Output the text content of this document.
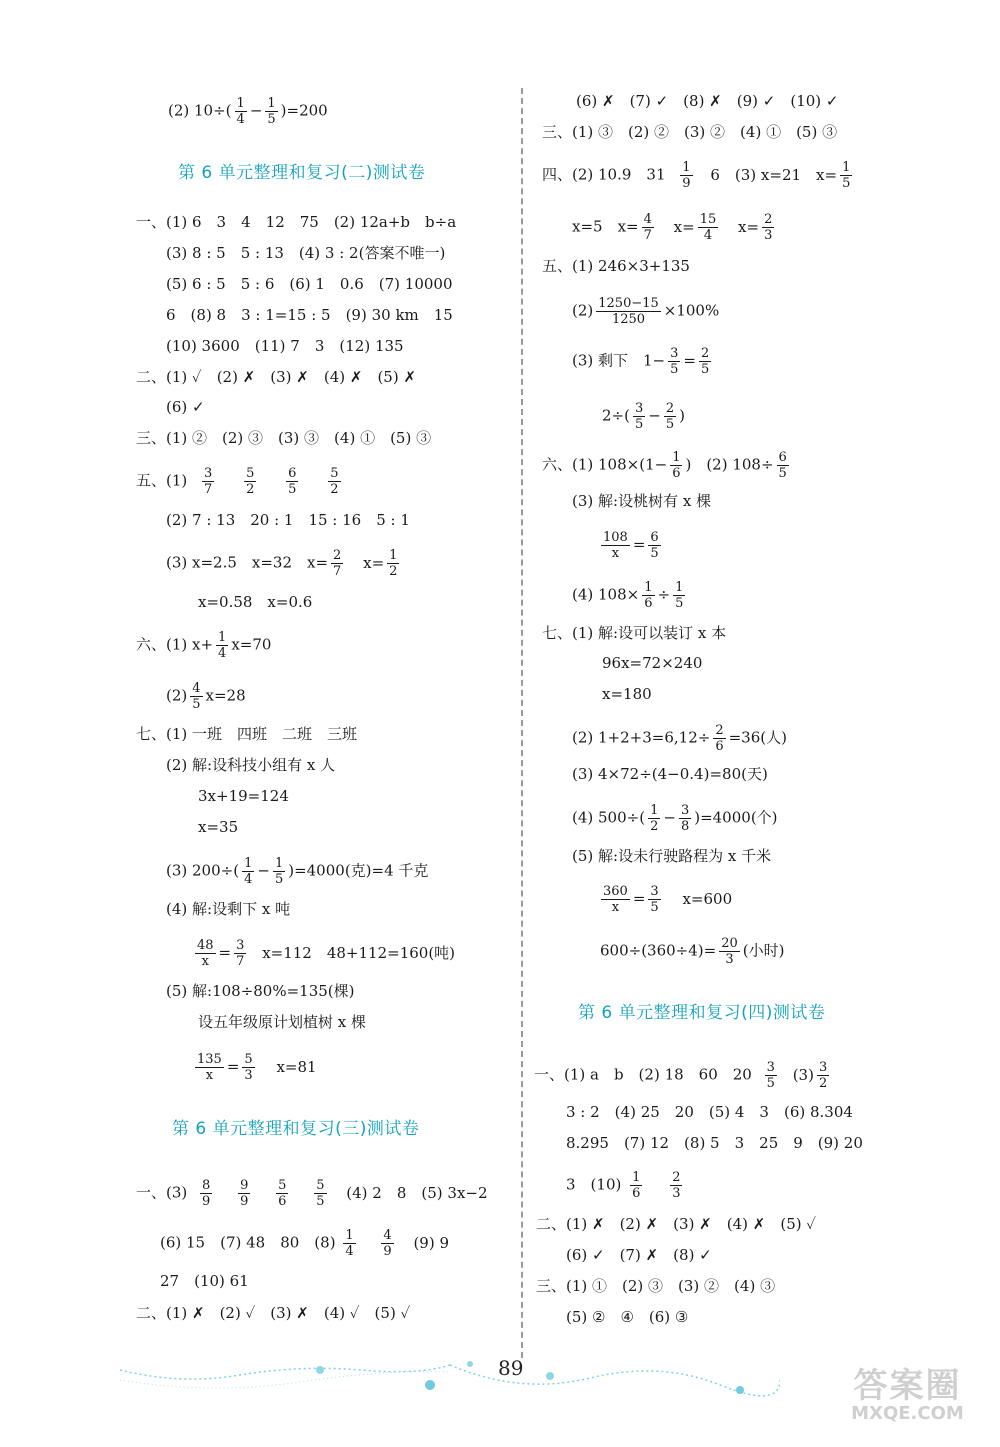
(2) $10\div( \frac{1}{4} - \frac{1}{5} )=200$
第 6 单元整理和复习(二)测试卷
一、(1) 6　3　4　12　75　(2) 12a+b　b÷a
(3) 8 : 5　5 : 13　(4) 3 : 2(答案不唯一)
(5) 6 : 5　5 : 6　(6) 1　0.6　(7) 10000
6　(8) 8　3 : 1=15 : 5　(9) 30 km　15
(10) 3600　(11) 7　3　(12) 135
二、(1) ✓　(2) ✗　(3) ✗　(4) ✗　(5) ✗
(6) ✓
三、(1) ②　(2) ③　(3) ③　(4) ①　(5) ③
五、$(1) \frac{3}{7}$
$\frac{5}{2}$
$\frac{6}{5}$
$\frac{5}{2}$
(2) 7 : 13　20 : 1　15 : 16　5 : 1
(3) x=2.5　x=32　$x= \frac{2}{7} x= \frac{1}{2}$
x=0.58　x=0.6
六、(1) $x+ \frac{1}{4} x=70$
$(2) \frac{4}{5} x=28$
七、(1) 一班　四班　二班　三班
(2) 解:设科技小组有 x 人
3x+19=124
x=35
(3) $200\div( \frac{1}{4} - \frac{1}{5} )=4000$(克)=4 千克
(4) 解:设剩下 x 吨
$\frac{48}{x} = \frac{3}{7} x=112$　48+112=160(吨)
(5) 解:108÷80%=135(棵)
设五年级原计划植树 x 棵
$\frac{135}{x} = \frac{5}{3} x=81$
第 6 单元整理和复习(三)测试卷
一、$(3) \frac{8}{9}$
$\frac{9}{9}$
$\frac{5}{6}$
$\frac{5}{5} (4)$ 2　8　(5) 3x−2
(6) 15　(7) 48　80　$(8) \frac{1}{4}$
$\frac{4}{9} (9)$ 9
27　(10) 61
二、(1) ✗　(2) ✓　(3) ✗　(4) ✓　(5) ✓
(6) ✗　(7) ✓　(8) ✗　(9) ✓　(10) ✓
三、(1) ③　(2) ②　(3) ②　(4) ①　(5) ③
四、(2) 10.9　$31 \frac{1}{9} 6$　(3) x=21　$x= \frac{1}{5}$
x=5　$x= \frac{4}{7} x= \frac{15}{4} x= \frac{2}{3}$
五、(1) 246×3+135
$(2) \frac{1250-15}{1250} \times 100\%$
(3) 剩下　$1- \frac{3}{5} = \frac{2}{5}$
$2\div( \frac{3}{5} - \frac{2}{5}$ )
六、(1) $108\times(1- \frac{1}{6}$ )　(2) $108\div \frac{6}{5}$
(3) 解:设桃树有 x 棵
$\frac{108}{x} = \frac{6}{5}$
(4) $108\times \frac{1}{6} \div \frac{1}{5}$
七、(1) 解:设可以装订 x 本
96x=72×240
x=180
(2) $1+2+3=6,12\div \frac{2}{6} =36$(人)
(3) 4×72÷(4−0.4)=80(天)
(4) $500\div( \frac{1}{2} - \frac{3}{8} )=4000$(个)
(5) 解:设未行驶路程为 x 千米
$\frac{360}{x} = \frac{3}{5} x=600$
$600\div(360\div 4)= \frac{20}{3}$ (小时)
第 6 单元整理和复习(四)测试卷
一、(1) a　b　(2) 18　60　$20 \frac{3}{5} (3) \frac{3}{2}$
3 : 2　(4) 25　20　(5) 4　3　(6) 8.304
8.295　(7) 12　(8) 5　3　25　9　(9) 20
3　$(10) \frac{1}{6}$
$\frac{2}{3}$
二、(1) ✗　(2) ✗　(3) ✗　(4) ✗　(5) ✓
(6) ✓　(7) ✗　(8) ✓
三、(1) ①　(2) ③　(3) ②　(4) ③
(5) ②　④　(6) ③
89	答案圈
MXQE.COM
